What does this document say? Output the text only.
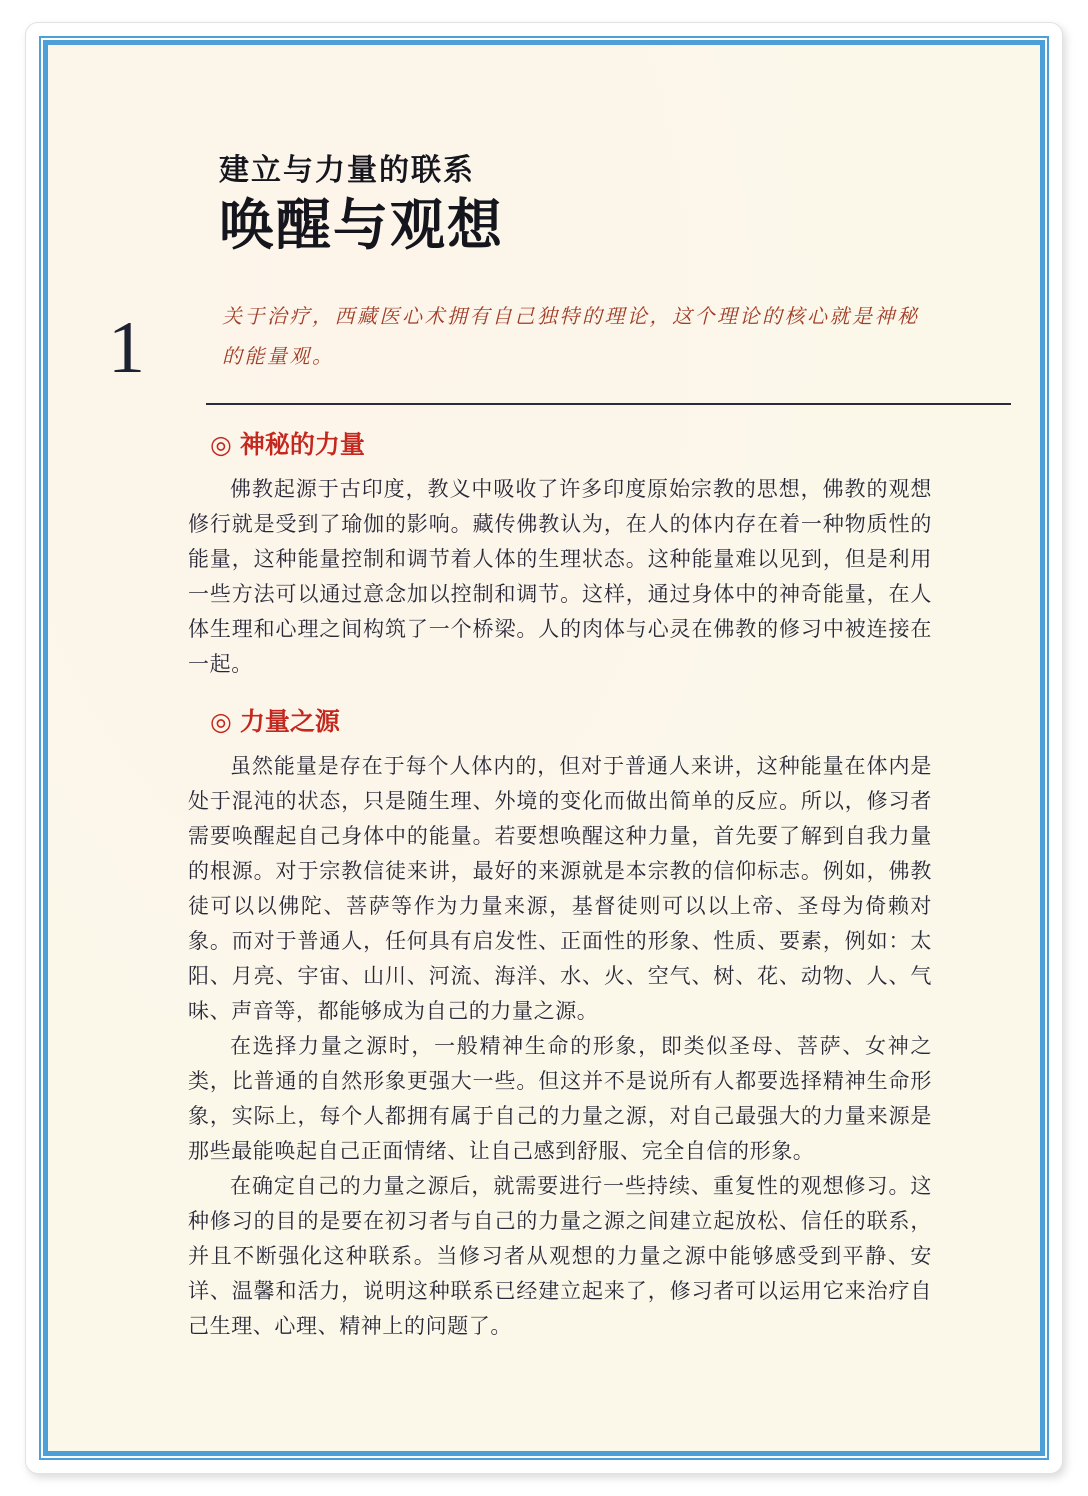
1
建立与力量的联系
唤醒与观想

关于治疗，西藏医心术拥有自己独特的理论，这个理论的核心就是神秘的能量观。

◎ 神秘的力量

佛教起源于古印度，教义中吸收了许多印度原始宗教的思想，佛教的观想修行就是受到了瑜伽的影响。藏传佛教认为，在人的体内存在着一种物质性的能量，这种能量控制和调节着人体的生理状态。这种能量难以见到，但是利用一些方法可以通过意念加以控制和调节。这样，通过身体中的神奇能量，在人体生理和心理之间构筑了一个桥梁。人的肉体与心灵在佛教的修习中被连接在一起。

◎ 力量之源

虽然能量是存在于每个人体内的，但对于普通人来讲，这种能量在体内是处于混沌的状态，只是随生理、外境的变化而做出简单的反应。所以，修习者需要唤醒起自己身体中的能量。若要想唤醒这种力量，首先要了解到自我力量的根源。对于宗教信徒来讲，最好的来源就是本宗教的信仰标志。例如，佛教徒可以以佛陀、菩萨等作为力量来源，基督徒则可以以上帝、圣母为倚赖对象。而对于普通人，任何具有启发性、正面性的形象、性质、要素，例如：太阳、月亮、宇宙、山川、河流、海洋、水、火、空气、树、花、动物、人、气味、声音等，都能够成为自己的力量之源。

在选择力量之源时，一般精神生命的形象，即类似圣母、菩萨、女神之类，比普通的自然形象更强大一些。但这并不是说所有人都要选择精神生命形象，实际上，每个人都拥有属于自己的力量之源，对自己最强大的力量来源是那些最能唤起自己正面情绪、让自己感到舒服、完全自信的形象。

在确定自己的力量之源后，就需要进行一些持续、重复性的观想修习。这种修习的目的是要在初习者与自己的力量之源之间建立起放松、信任的联系，并且不断强化这种联系。当修习者从观想的力量之源中能够感受到平静、安详、温馨和活力，说明这种联系已经建立起来了，修习者可以运用它来治疗自己生理、心理、精神上的问题了。
